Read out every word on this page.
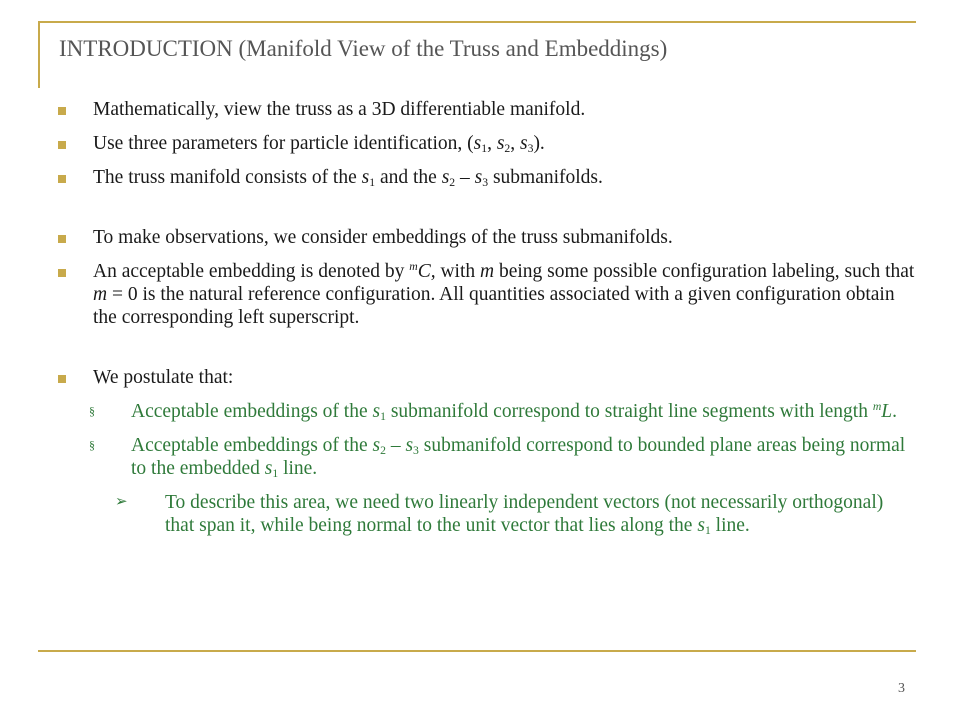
INTRODUCTION (Manifold View of the Truss and Embeddings)
Mathematically, view the truss as a 3D differentiable manifold.
Use three parameters for particle identification, ($s_1$, $s_2$, $s_3$).
The truss manifold consists of the $s_1$ and the $s_2 - s_3$ submanifolds.
To make observations, we consider embeddings of the truss submanifolds.
An acceptable embedding is denoted by $^m$C, with m being some possible configuration labeling, such that m = 0 is the natural reference configuration. All quantities associated with a given configuration obtain the corresponding left superscript.
We postulate that:
§ Acceptable embeddings of the $s_1$ submanifold correspond to straight line segments with length $^m$L.
§ Acceptable embeddings of the $s_2 - s_3$ submanifold correspond to bounded plane areas being normal to the embedded $s_1$ line.
➢ To describe this area, we need two linearly independent vectors (not necessarily orthogonal) that span it, while being normal to the unit vector that lies along the $s_1$ line.
3
